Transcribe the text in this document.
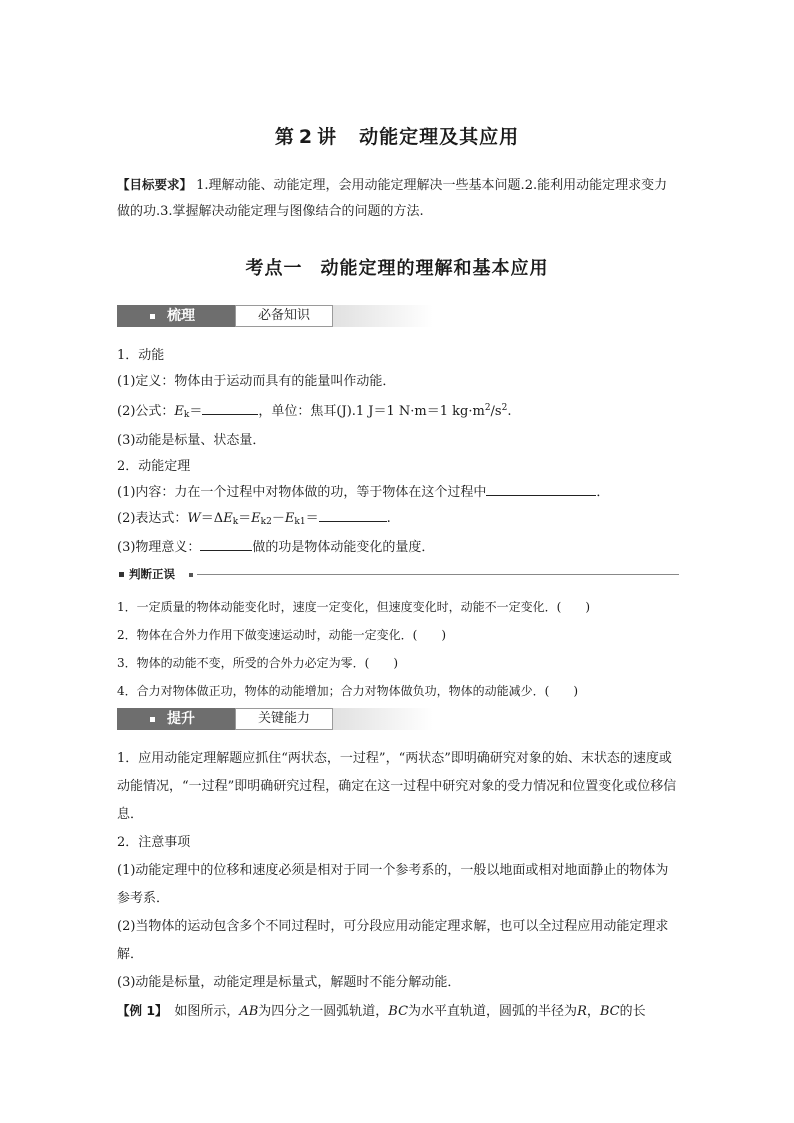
第 2 讲 动能定理及其应用
【目标要求】 1.理解动能、动能定理，会用动能定理解决一些基本问题.2.能利用动能定理求变力做的功.3.掌握解决动能定理与图像结合的问题的方法.
考点一 动能定理的理解和基本应用
梳理	必备知识

1．动能

(1)定义：物体由于运动而具有的能量叫作动能．

(2)公式：$E_k=$	，单位：焦耳(J).1 J＝1 N·m＝1 $kg\cdot m^2/s^2$.

(3)动能是标量、状态量．

2．动能定理

(1)内容：力在一个过程中对物体做的功，等于物体在这个过程中	．

(2)表达式：$W=\Delta E_k=E_{k2}-E_{k1}=$	.

(3)物理意义：	做的功是物体动能变化的量度．

判断正误

1．一定质量的物体动能变化时，速度一定变化，但速度变化时，动能不一定变化．(　　)

2．物体在合外力作用下做变速运动时，动能一定变化．(　　)

3．物体的动能不变，所受的合外力必定为零．(　　)

4．合力对物体做正功，物体的动能增加；合力对物体做负功，物体的动能减少．(　　)

提升	关键能力

1．应用动能定理解题应抓住“两状态，一过程”，“两状态”即明确研究对象的始、末状态的速度或动能情况，“一过程”即明确研究过程，确定在这一过程中研究对象的受力情况和位置变化或位移信息．

2．注意事项

(1)动能定理中的位移和速度必须是相对于同一个参考系的，一般以地面或相对地面静止的物体为参考系．

(2)当物体的运动包含多个不同过程时，可分段应用动能定理求解，也可以全过程应用动能定理求解．

(3)动能是标量，动能定理是标量式，解题时不能分解动能．

【例 1】　如图所示，AB为四分之一圆弧轨道，BC为水平直轨道，圆弧的半径为R，BC的长
